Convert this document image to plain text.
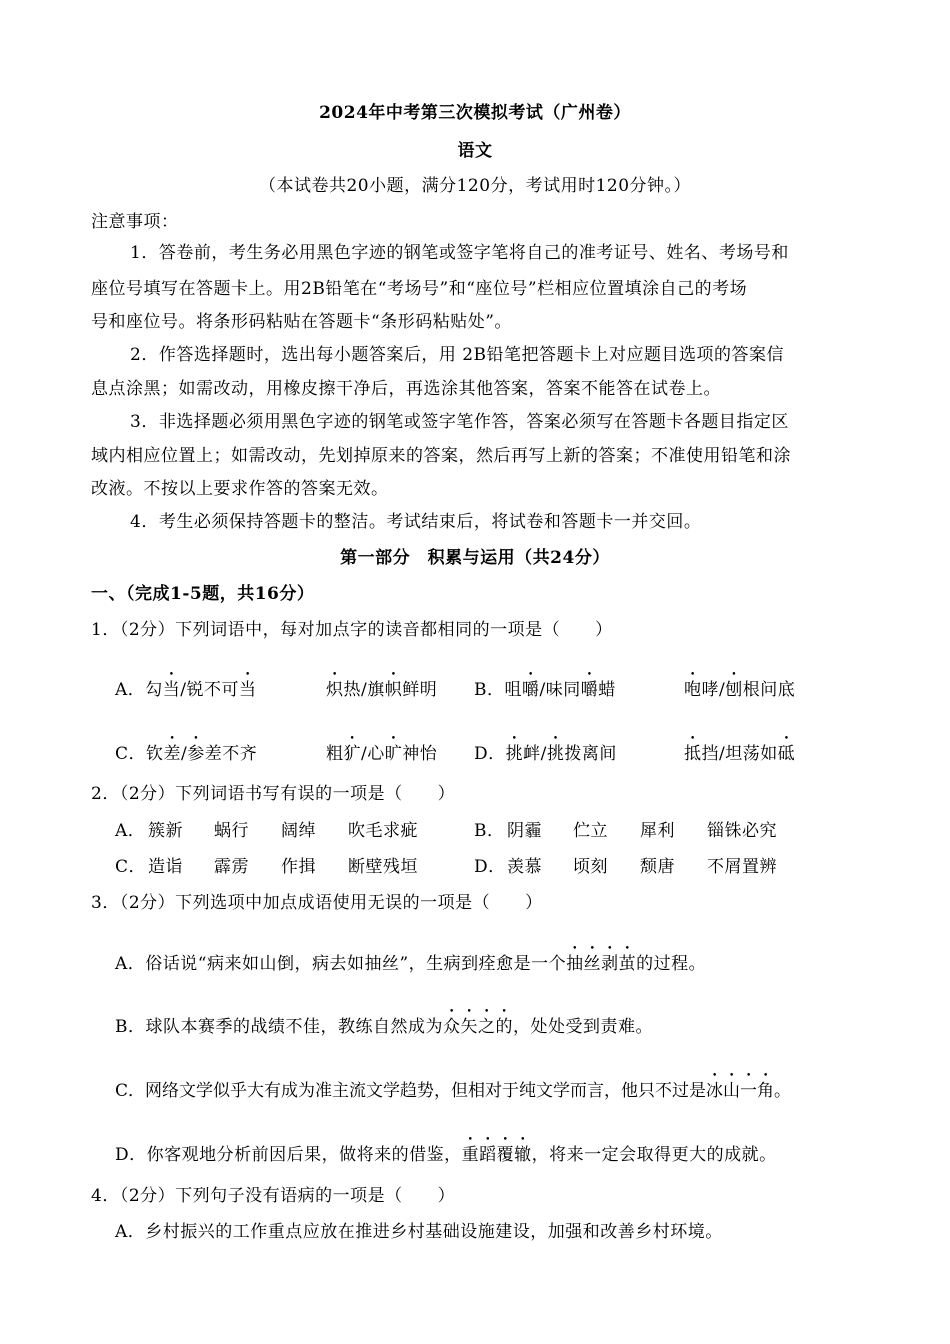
2024年中考第三次模拟考试（广州卷）
语文
（本试卷共20小题，满分120分，考试用时120分钟。）
注意事项：
1．答卷前，考生务必用黑色字迹的钢笔或签字笔将自己的准考证号、姓名、考场号和
座位号填写在答题卡上。用2B铅笔在“考场号”和“座位号”栏相应位置填涂自己的考场
号和座位号。将条形码粘贴在答题卡“条形码粘贴处”。
2．作答选择题时，选出每小题答案后，用 2B铅笔把答题卡上对应题目选项的答案信
息点涂黑；如需改动，用橡皮擦干净后，再选涂其他答案，答案不能答在试卷上。
3．非选择题必须用黑色字迹的钢笔或签字笔作答，答案必须写在答题卡各题目指定区
域内相应位置上；如需改动，先划掉原来的答案，然后再写上新的答案；不准使用铅笔和涂
改液。不按以上要求作答的答案无效。
4．考生必须保持答题卡的整洁。考试结束后，将试卷和答题卡一并交回。
第一部分　积累与运用（共24分）
一、（完成1-5题，共16分）
1．（2分）下列词语中，每对加点字的读音都相同的一项是（　　）
A．勾当/锐不可当	炽热/旗帜鲜明 B．咀嚼/味同嚼蜡	咆哮/刨根问底
C．钦差/参差不齐	粗犷/心旷神怡 D．挑衅/挑拨离间	抵挡/坦荡如砥
2．（2分）下列词语书写有误的一项是（　　）
A． 簇新 蜗行 阔绰 吹毛求疵	B． 阴霾 伫立 犀利 锱铢必究
C． 造诣 霹雳 作揖 断壁残垣	D． 羡慕 顷刻 颓唐 不屑置辨
3．（2分）下列选项中加点成语使用无误的一项是（　　）
A．俗话说“病来如山倒，病去如抽丝”，生病到痊愈是一个抽丝剥茧的过程。
B．球队本赛季的战绩不佳，教练自然成为众矢之的，处处受到责难。
C．网络文学似乎大有成为准主流文学趋势，但相对于纯文学而言，他只不过是冰山一角。
D．你客观地分析前因后果，做将来的借鉴，重蹈覆辙，将来一定会取得更大的成就。
4．（2分）下列句子没有语病的一项是（　　）
A．乡村振兴的工作重点应放在推进乡村基础设施建设，加强和改善乡村环境。
